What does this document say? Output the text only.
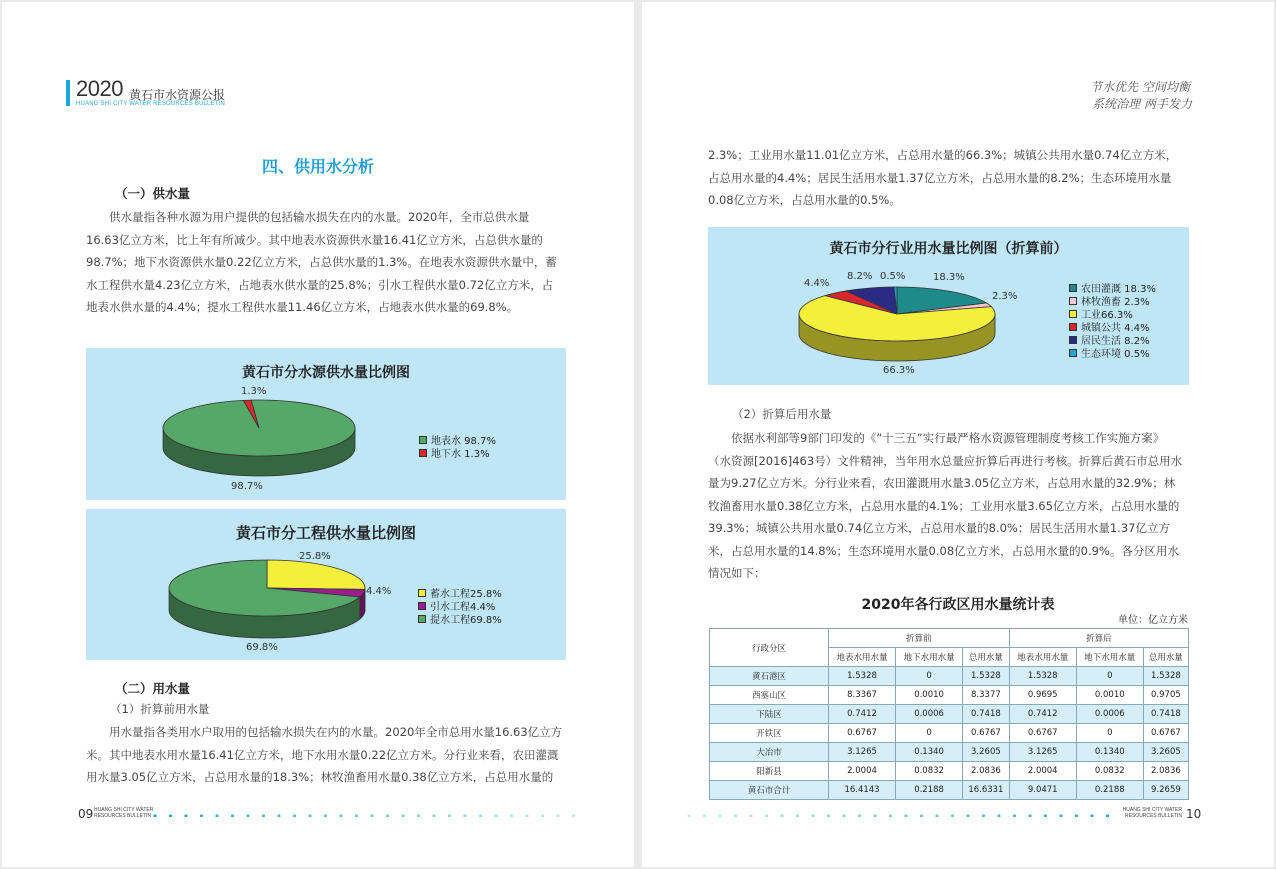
2020 黄石市水资源公报
HUANG SHI CITY WATER RESOURCES BULLETIN
四、供用水分析
（一）供水量

供水量指各种水源为用户提供的包括输水损失在内的水量。2020年，全市总供水量

16.63亿立方米，比上年有所减少。其中地表水资源供水量16.41亿立方米，占总供水量的

98.7%；地下水资源供水量0.22亿立方米，占总供水量的1.3%。在地表水资源供水量中，蓄

水工程供水量4.23亿立方米，占地表水供水量的25.8%；引水工程供水量0.72亿立方米，占

地表水供水量的4.4%；提水工程供水量11.46亿立方米，占地表水供水量的69.8%。

黄石市分水源供水量比例图
1.3%
98.7%
地表水 98.7%
地下水 1.3%
黄石市分工程供水量比例图
25.8%
4.4%
69.8%
蓄水工程25.8%
引水工程4.4%
提水工程69.8%
（二）用水量
（1）折算前用水量

用水量指各类用水户取用的包括输水损失在内的水量。2020年全市总用水量16.63亿立方

米。其中地表水用水量16.41亿立方米，地下水用水量0.22亿立方米。分行业来看，农田灌溉

用水量3.05亿立方米，占总用水量的18.3%；林牧渔畜用水量0.38亿立方米，占总用水量的

09 HUANG SHI CITY WATER
RESOURCES BULLETIN
节水优先 空间均衡
系统治理 两手发力

2.3%；工业用水量11.01亿立方米，占总用水量的66.3%；城镇公共用水量0.74亿立方米，

占总用水量的4.4%；居民生活用水量1.37亿立方米，占总用水量的8.2%；生态环境用水量

0.08亿立方米，占总用水量的0.5%。

黄石市分行业用水量比例图（折算前）
18.3%
2.3%
66.3%
4.4%
8.2% 0.5%
农田灌溉 18.3%
林牧渔畜 2.3%
工业66.3%
城镇公共 4.4%
居民生活 8.2%
生态环境 0.5%
（2）折算后用水量

依据水利部等9部门印发的《“十三五”实行最严格水资源管理制度考核工作实施方案》

（水资源[2016]463号）文件精神，当年用水总量应折算后再进行考核。折算后黄石市总用水

量为9.27亿立方米。分行业来看，农田灌溉用水量3.05亿立方米，占总用水量的32.9%；林

牧渔畜用水量0.38亿立方米，占总用水量的4.1%；工业用水量3.65亿立方米，占总用水量的

39.3%；城镇公共用水量0.74亿立方米，占总用水量的8.0%；居民生活用水量1.37亿立方

米，占总用水量的14.8%；生态环境用水量0.08亿立方米，占总用水量的0.9%。各分区用水

情况如下：

2020年各行政区用水量统计表
单位：亿立方米
行政分区	折算前			折算后		
	地表水用水量	地下水用水量	总用水量	地表水用水量	地下水用水量	总用水量
黄石港区	1.5328	0	1.5328	1.5328	0	1.5328
西塞山区	8.3367	0.0010	8.3377	0.9695	0.0010	0.9705
下陆区	0.7412	0.0006	0.7418	0.7412	0.0006	0.7418
开铁区	0.6767	0	0.6767	0.6767	0	0.6767
大冶市	3.1265	0.1340	3.2605	3.1265	0.1340	3.2605
阳新县	2.0004	0.0832	2.0836	2.0004	0.0832	2.0836
黄石市合计	16.4143	0.2188	16.6331	9.0471	0.2188	9.2659
HUANG SHI CITY WATER
RESOURCES BULLETIN 10
